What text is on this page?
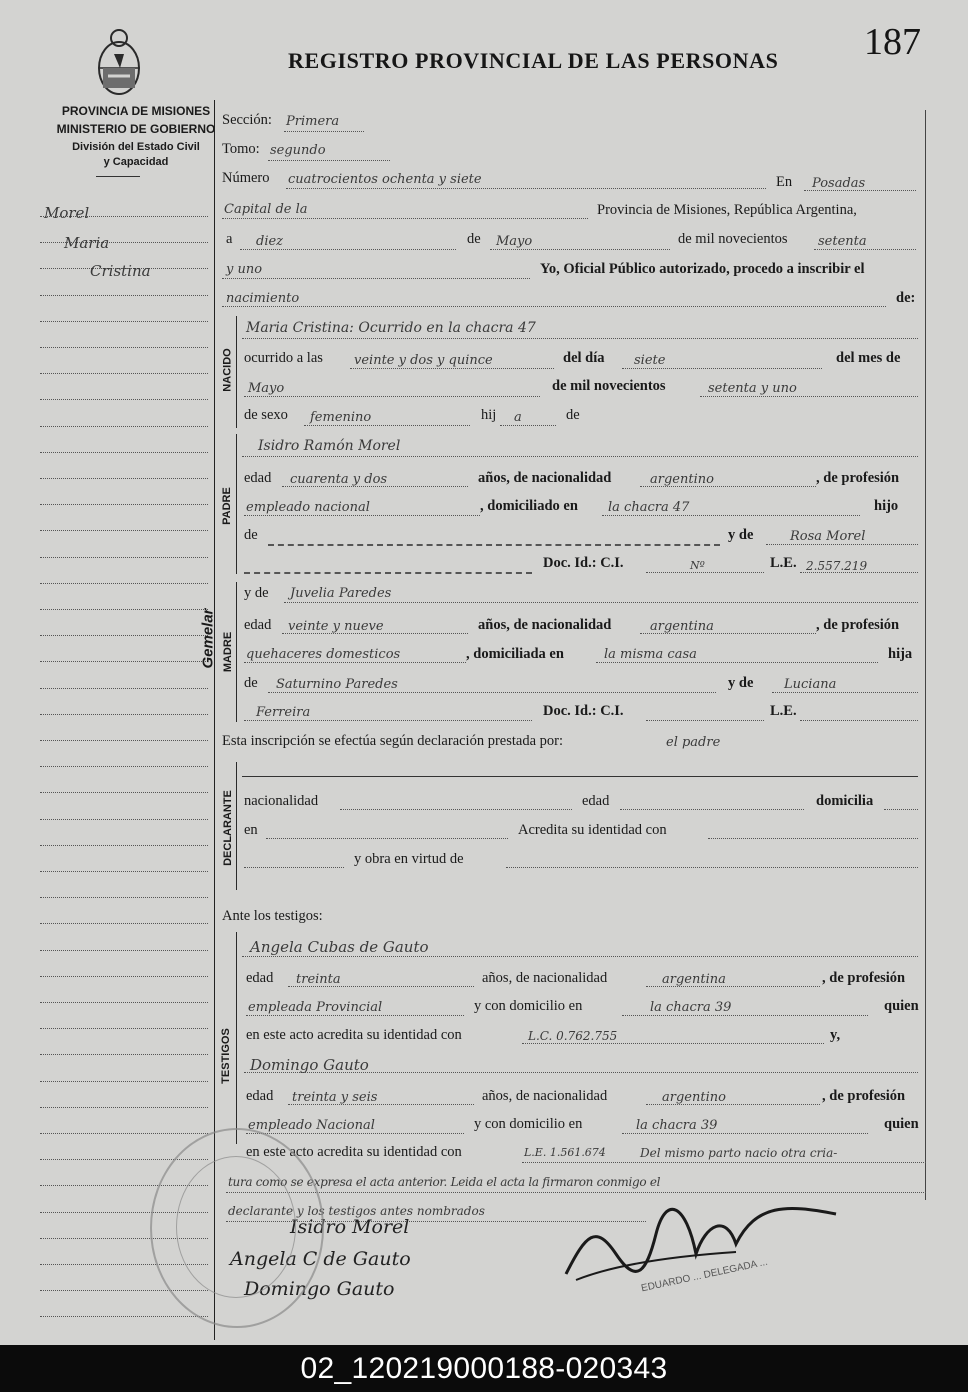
REGISTRO PROVINCIAL DE LAS PERSONAS 187
PROVINCIA DE MISIONES
MINISTERIO DE GOBIERNO
División del Estado Civil
y Capacidad
Morel
Maria
Cristina
Gemelar
Sección: Primera
Tomo: segundo
Número cuatrocientos ochenta y siete	En Posadas
Capital de la	Provincia de Misiones, República Argentina,
a diez	de Mayo	de mil novecientos setenta
y uno	Yo, Oficial Público autorizado, procedo a inscribir el
nacimiento	de:
NACIDO
Maria Cristina: Ocurrido en la chacra 47
ocurrido a las veinte y dos y quince	del día siete	del mes de
Mayo	de mil novecientos	setenta y uno
de sexo femenino	hij a	de
PADRE
Isidro Ramón Morel
edad cuarenta y dos	años, de nacionalidad	argentino	, de profesión
empleado nacional	, domiciliado en la chacra 47	hijo
de	y de	Rosa Morel
Doc. Id.: C.I.	Nº	L.E. 2.557.219
MADRE
y de Juvelia Paredes
edad veinte y nueve	años, de nacionalidad	argentina	, de profesión
quehaceres domesticos	, domiciliada en	la misma casa	hija
de Saturnino Paredes	y de Luciana
Ferreira	Doc. Id.: C.I.	L.E.
Esta inscripción se efectúa según declaración prestada por:	el padre
DECLARANTE nacionalidad	edad	domicilia
en	Acredita su identidad con
y obra en virtud de
Ante los testigos:
TESTIGOS
Angela Cubas de Gauto
edad treinta	años, de nacionalidad	argentina	, de profesión
empleada Provincial	y con domicilio en	la chacra 39	quien
en este acto acredita su identidad con	L.C. 0.762.755	y,
Domingo Gauto
edad treinta y seis	años, de nacionalidad	argentino	, de profesión
empleado Nacional	y con domicilio en	la chacra 39	quien
en este acto acredita su identidad con	L.E. 1.561.674	Del mismo parto nacio otra cria-
tura como se expresa el acta anterior. Leida el acta la firmaron conmigo el
declarante y los testigos antes nombrados
Isidro Morel
Angela C de Gauto
Domingo Gauto	EDUARDO ... DELEGADA ...
02_120219000188-020343
